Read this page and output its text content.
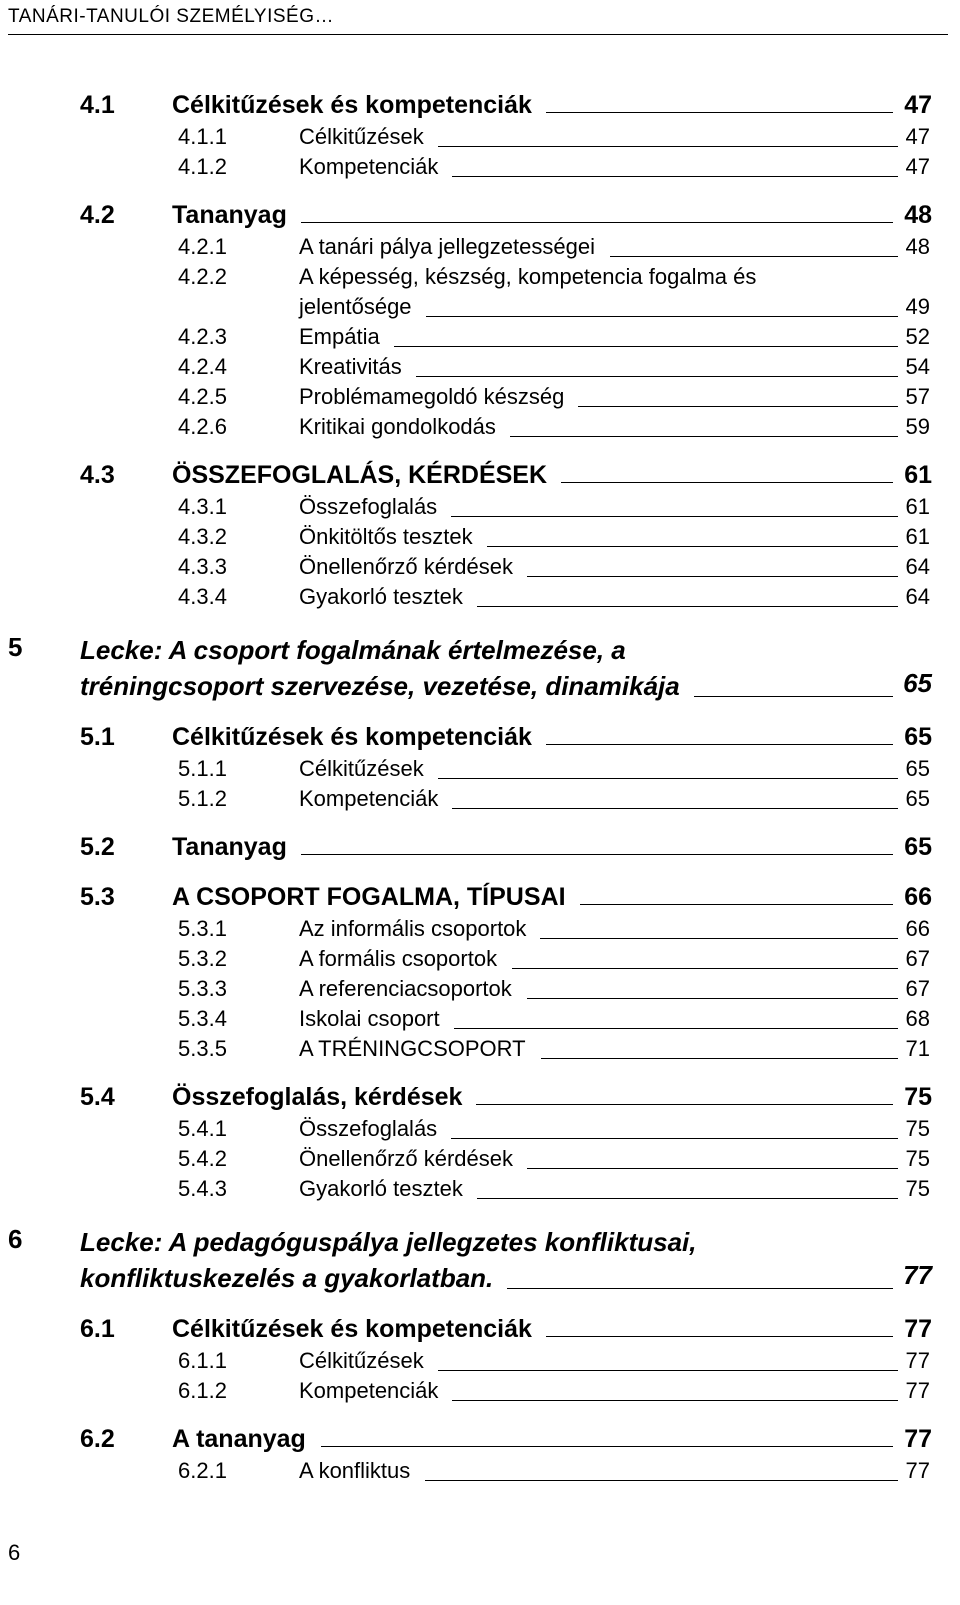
TANÁRI-TANULÓI SZEMÉLYISÉG…
4.1 Célkitűzések és kompetenciák	47
4.1.1	Célkitűzések	47
4.1.2	Kompetenciák	47
4.2 Tananyag	48
4.2.1	A tanári pálya jellegzetességei	48
4.2.2	A képesség, készség, kompetencia fogalma és
jelentősége	49
4.2.3	Empátia	52
4.2.4	Kreativitás	54
4.2.5	Problémamegoldó készség	57
4.2.6	Kritikai gondolkodás	59
4.3 ÖSSZEFOGLALÁS, KÉRDÉSEK	61
4.3.1	Összefoglalás	61
4.3.2	Önkitöltős tesztek	61
4.3.3	Önellenőrző kérdések	64
4.3.4	Gyakorló tesztek	64
5 Lecke: A csoport fogalmának értelmezése, a
tréningcsoport szervezése, vezetése, dinamikája	65
5.1 Célkitűzések és kompetenciák	65
5.1.1	Célkitűzések	65
5.1.2	Kompetenciák	65
5.2 Tananyag	65
5.3 A CSOPORT FOGALMA, TÍPUSAI	66
5.3.1	Az informális csoportok	66
5.3.2	A formális csoportok	67
5.3.3	A referenciacsoportok	67
5.3.4	Iskolai csoport	68
5.3.5	A TRÉNINGCSOPORT	71
5.4 Összefoglalás, kérdések	75
5.4.1	Összefoglalás	75
5.4.2	Önellenőrző kérdések	75
5.4.3	Gyakorló tesztek	75
6 Lecke: A pedagóguspálya jellegzetes konfliktusai,
konfliktuskezelés a gyakorlatban.	77
6.1 Célkitűzések és kompetenciák	77
6.1.1	Célkitűzések	77
6.1.2	Kompetenciák	77
6.2 A tananyag	77
6.2.1	A konfliktus	77
6
